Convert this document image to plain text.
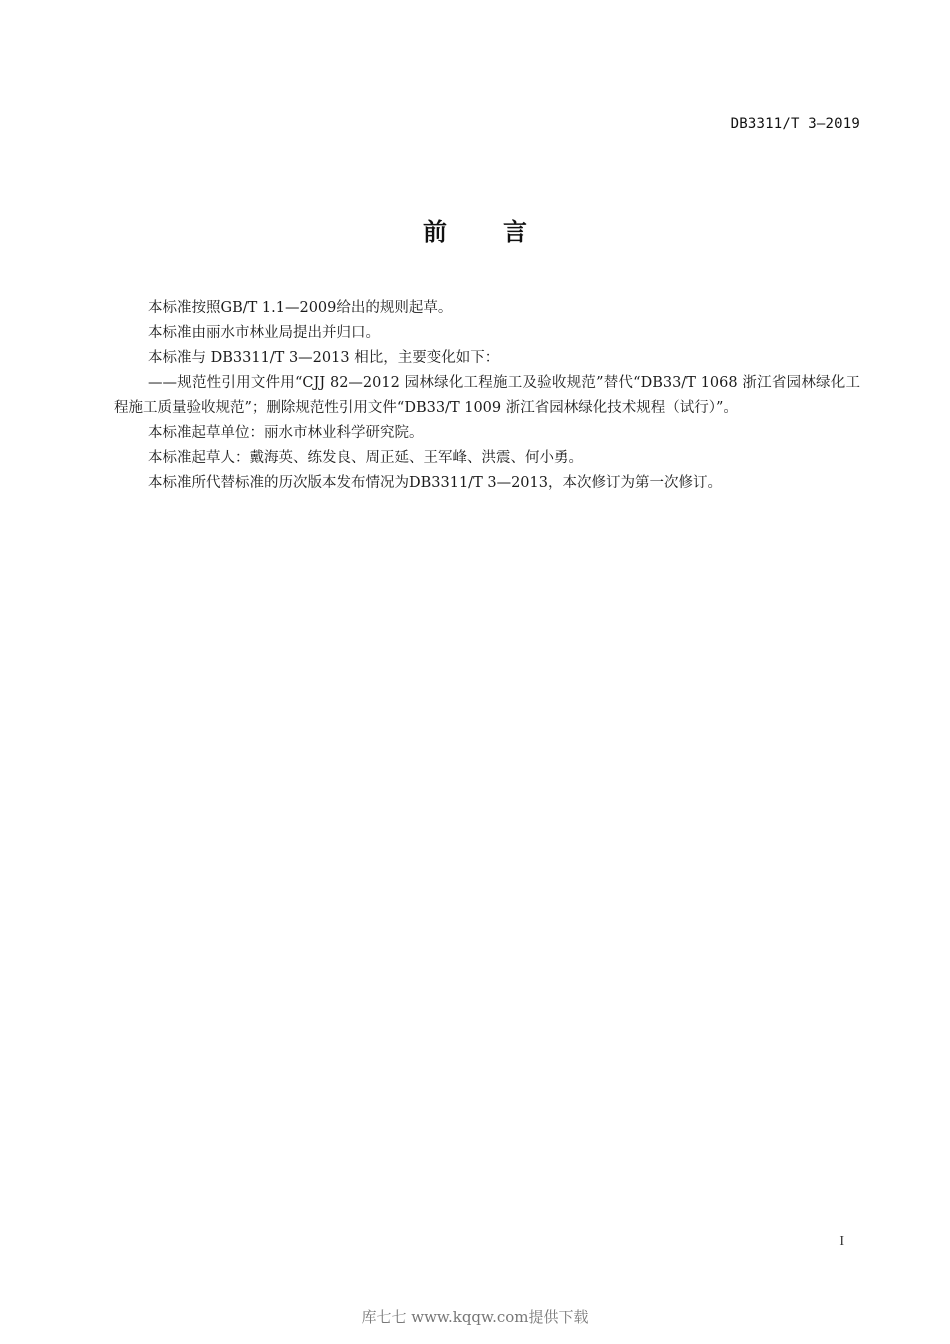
DB3311/T 3—2019
前言

本标准按照GB/T 1.1—2009给出的规则起草。

本标准由丽水市林业局提出并归口。

本标准与 DB3311/T 3—2013 相比，主要变化如下：

——规范性引用文件用“CJJ 82—2012 园林绿化工程施工及验收规范”替代“DB33/T 1068 浙江省园林绿化工程施工质量验收规范”；删除规范性引用文件“DB33/T 1009 浙江省园林绿化技术规程（试行）”。

本标准起草单位：丽水市林业科学研究院。

本标准起草人：戴海英、练发良、周正延、王军峰、洪震、何小勇。

本标准所代替标准的历次版本发布情况为DB3311/T 3—2013，本次修订为第一次修订。

I
库七七 www.kqqw.com提供下载
